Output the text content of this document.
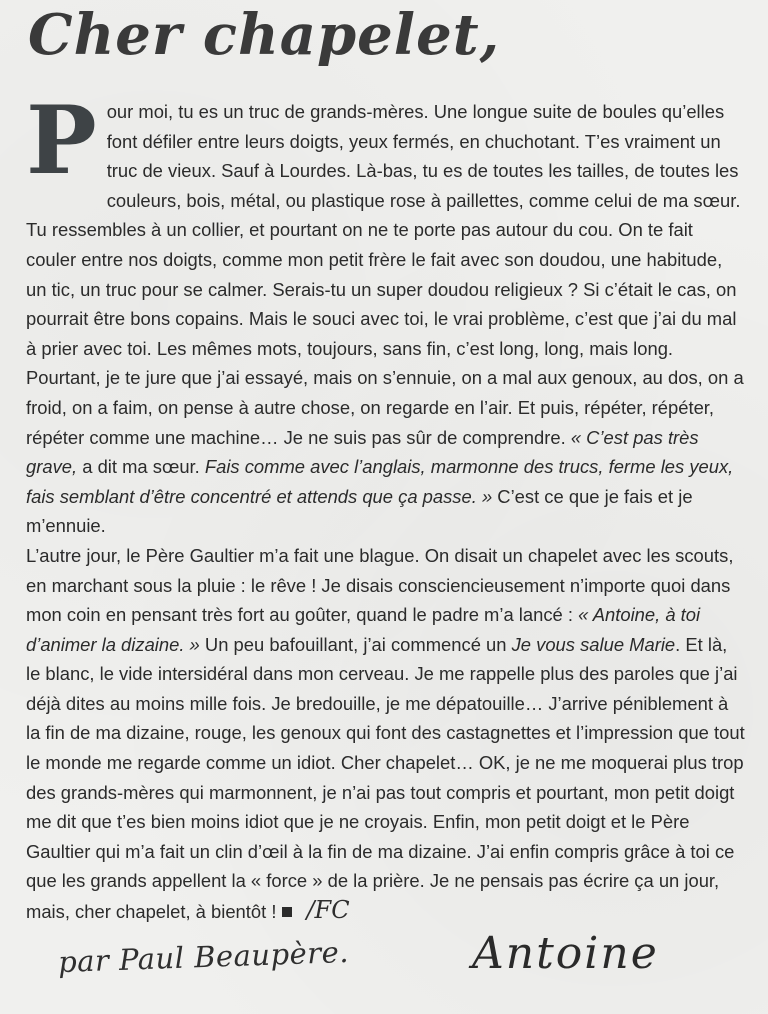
Cher chapelet,

Pour moi, tu es un truc de grands-mères. Une longue suite de boules qu’elles font défiler entre leurs doigts, yeux fermés, en chuchotant. T’es vraiment un truc de vieux. Sauf à Lourdes. Là-bas, tu es de toutes les tailles, de toutes les couleurs, bois, métal, ou plastique rose à paillettes, comme celui de ma sœur. Tu ressembles à un collier, et pourtant on ne te porte pas autour du cou. On te fait couler entre nos doigts, comme mon petit frère le fait avec son doudou, une habitude, un tic, un truc pour se calmer. Serais-tu un super doudou religieux ? Si c’était le cas, on pourrait être bons copains. Mais le souci avec toi, le vrai problème, c’est que j’ai du mal à prier avec toi. Les mêmes mots, toujours, sans fin, c’est long, long, mais long. Pourtant, je te jure que j’ai essayé, mais on s’ennuie, on a mal aux genoux, au dos, on a froid, on a faim, on pense à autre chose, on regarde en l’air. Et puis, répéter, répéter, répéter comme une machine… Je ne suis pas sûr de comprendre. « C’est pas très grave, a dit ma sœur. Fais comme avec l’anglais, marmonne des trucs, ferme les yeux, fais semblant d’être concentré et attends que ça passe. » C’est ce que je fais et je m’ennuie.

L’autre jour, le Père Gaultier m’a fait une blague. On disait un chapelet avec les scouts, en marchant sous la pluie : le rêve ! Je disais consciencieusement n’importe quoi dans mon coin en pensant très fort au goûter, quand le padre m’a lancé : « Antoine, à toi d’animer la dizaine. » Un peu bafouillant, j’ai commencé un Je vous salue Marie. Et là, le blanc, le vide intersidéral dans mon cerveau. Je me rappelle plus des paroles que j’ai déjà dites au moins mille fois. Je bredouille, je me dépatouille… J’arrive péniblement à la fin de ma dizaine, rouge, les genoux qui font des castagnettes et l’impression que tout le monde me regarde comme un idiot. Cher chapelet… OK, je ne me moquerai plus trop des grands-mères qui marmonnent, je n’ai pas tout compris et pourtant, mon petit doigt me dit que t’es bien moins idiot que je ne croyais. Enfin, mon petit doigt et le Père Gaultier qui m’a fait un clin d’œil à la fin de ma dizaine. J’ai enfin compris grâce à toi ce que les grands appellent la « force » de la prière. Je ne pensais pas écrire ça un jour, mais, cher chapelet, à bientôt ! /FC

par Paul Beaupère.	Antoine
